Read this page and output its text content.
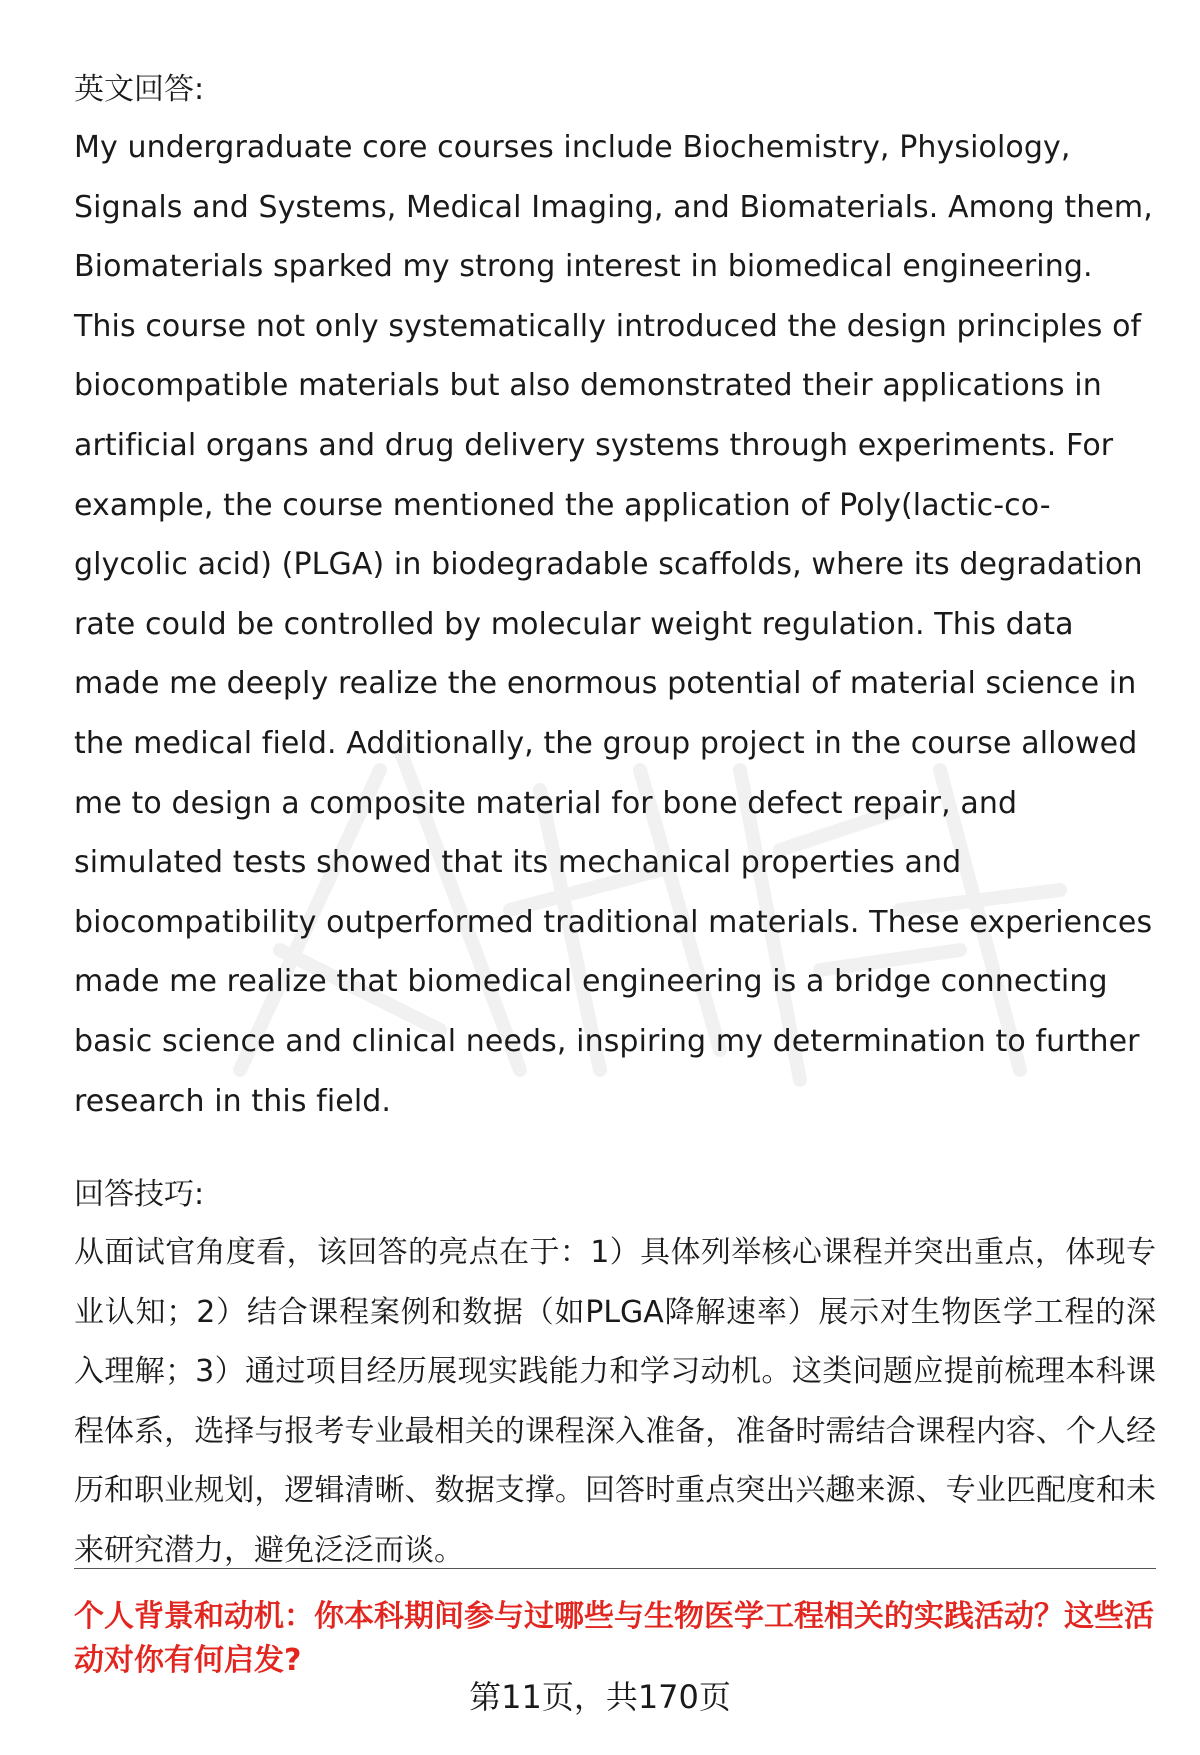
英文回答:

My undergraduate core courses include Biochemistry, Physiology, Signals and Systems, Medical Imaging, and Biomaterials. Among them, Biomaterials sparked my strong interest in biomedical engineering. This course not only systematically introduced the design principles of biocompatible materials but also demonstrated their applications in artificial organs and drug delivery systems through experiments. For example, the course mentioned the application of Poly(lactic-co-glycolic acid) (PLGA) in biodegradable scaffolds, where its degradation rate could be controlled by molecular weight regulation. This data made me deeply realize the enormous potential of material science in the medical field. Additionally, the group project in the course allowed me to design a composite material for bone defect repair, and simulated tests showed that its mechanical properties and biocompatibility outperformed traditional materials. These experiences made me realize that biomedical engineering is a bridge connecting basic science and clinical needs, inspiring my determination to further research in this field.

回答技巧:

从面试官角度看，该回答的亮点在于：1）具体列举核心课程并突出重点，体现专业认知；2）结合课程案例和数据（如PLGA降解速率）展示对生物医学工程的深入理解；3）通过项目经历展现实践能力和学习动机。这类问题应提前梳理本科课程体系，选择与报考专业最相关的课程深入准备，准备时需结合课程内容、个人经历和职业规划，逻辑清晰、数据支撑。回答时重点突出兴趣来源、专业匹配度和未来研究潜力，避免泛泛而谈。

个人背景和动机：你本科期间参与过哪些与生物医学工程相关的实践活动？这些活动对你有何启发?

第11页，共170页
